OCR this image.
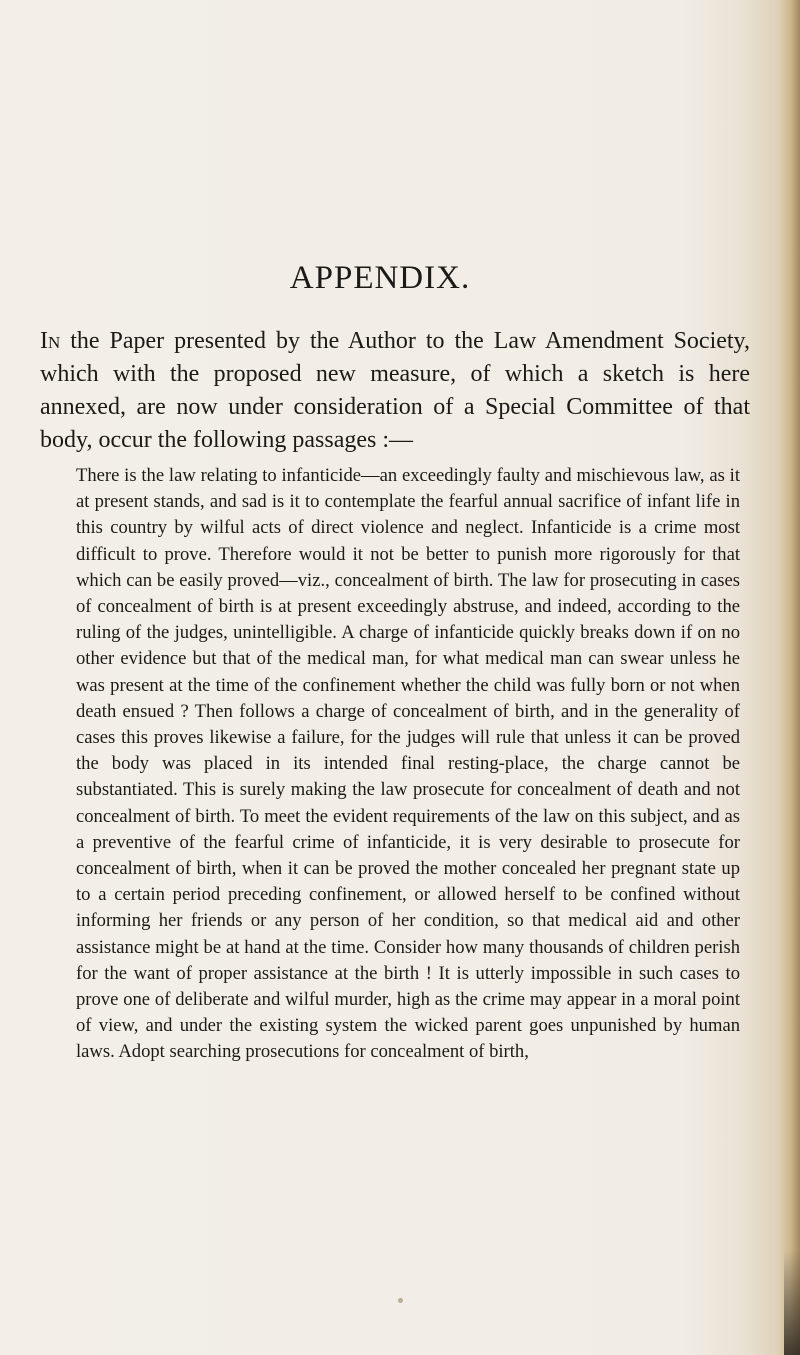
APPENDIX.

In the Paper presented by the Author to the Law Amendment Society, which with the proposed new measure, of which a sketch is here annexed, are now under consideration of a Special Committee of that body, occur the following passages :—

There is the law relating to infanticide—an exceedingly faulty and mischievous law, as it at present stands, and sad is it to contemplate the fearful annual sacrifice of infant life in this country by wilful acts of direct violence and neglect. Infanticide is a crime most difficult to prove. Therefore would it not be better to punish more rigorously for that which can be easily proved—viz., concealment of birth. The law for prosecuting in cases of concealment of birth is at present exceedingly abstruse, and indeed, according to the ruling of the judges, unintelligible. A charge of infanticide quickly breaks down if on no other evidence but that of the medical man, for what medical man can swear unless he was present at the time of the confinement whether the child was fully born or not when death ensued ? Then follows a charge of concealment of birth, and in the generality of cases this proves likewise a failure, for the judges will rule that unless it can be proved the body was placed in its intended final resting-place, the charge cannot be substantiated. This is surely making the law prosecute for concealment of death and not concealment of birth. To meet the evident requirements of the law on this subject, and as a preventive of the fearful crime of infanticide, it is very desirable to prosecute for concealment of birth, when it can be proved the mother concealed her pregnant state up to a certain period preceding confinement, or allowed herself to be confined without informing her friends or any person of her condition, so that medical aid and other assistance might be at hand at the time. Consider how many thousands of children perish for the want of proper assistance at the birth ! It is utterly impossible in such cases to prove one of deliberate and wilful murder, high as the crime may appear in a moral point of view, and under the existing system the wicked parent goes unpunished by human laws. Adopt searching prosecutions for concealment of birth,
